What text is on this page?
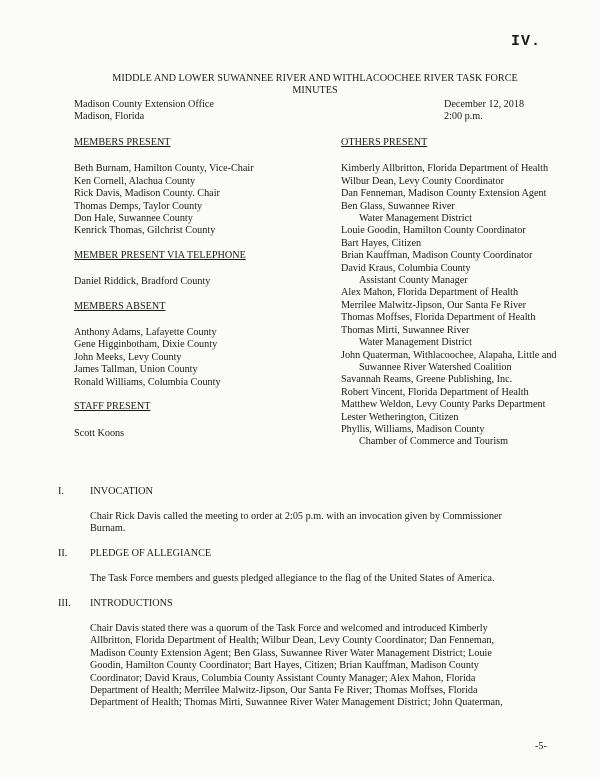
IV.
MIDDLE AND LOWER SUWANNEE RIVER AND WITHLACOOCHEE RIVER TASK FORCE
MINUTES
Madison County Extension Office
Madison, Florida
December 12, 2018
2:00 p.m.
MEMBERS PRESENT
Beth Burnam, Hamilton County, Vice-Chair
Ken Cornell, Alachua County
Rick Davis, Madison County. Chair
Thomas Demps, Taylor County
Don Hale, Suwannee County
Kenrick Thomas, Gilchrist County
MEMBER PRESENT VIA TELEPHONE
Daniel Riddick, Bradford County
MEMBERS ABSENT
Anthony Adams, Lafayette County
Gene Higginbotham, Dixie County
John Meeks, Levy County
James Tallman, Union County
Ronald Williams, Columbia County
STAFF PRESENT
Scott Koons
OTHERS PRESENT
Kimberly Allbritton, Florida Department of Health
Wilbur Dean, Levy County Coordinator
Dan Fenneman, Madison County Extension Agent
Ben Glass, Suwannee River
Water Management District
Louie Goodin, Hamilton County Coordinator
Bart Hayes, Citizen
Brian Kauffman, Madison County Coordinator
David Kraus, Columbia County
Assistant County Manager
Alex Mahon, Florida Department of Health
Merrilee Malwitz-Jipson, Our Santa Fe River
Thomas Moffses, Florida Department of Health
Thomas Mirti, Suwannee River
Water Management District
John Quaterman, Withlacoochee, Alapaha, Little and
Suwannee River Watershed Coalition
Savannah Reams, Greene Publishing, Inc.
Robert Vincent, Florida Department of Health
Matthew Weldon, Levy County Parks Department
Lester Wetherington, Citizen
Phyllis, Williams, Madison County
Chamber of Commerce and Tourism
I.	INVOCATION
Chair Rick Davis called the meeting to order at 2:05 p.m. with an invocation given by Commissioner
Burnam.
II. PLEDGE OF ALLEGIANCE
The Task Force members and guests pledged allegiance to the flag of the United States of America.
III. INTRODUCTIONS
Chair Davis stated there was a quorum of the Task Force and welcomed and introduced Kimberly
Allbritton, Florida Department of Health; Wilbur Dean, Levy County Coordinator; Dan Fenneman,
Madison County Extension Agent; Ben Glass, Suwannee River Water Management District; Louie
Goodin, Hamilton County Coordinator; Bart Hayes, Citizen; Brian Kauffman, Madison County
Coordinator; David Kraus, Columbia County Assistant County Manager; Alex Mahon, Florida
Department of Health; Merrilee Malwitz-Jipson, Our Santa Fe River; Thomas Moffses, Florida
Department of Health; Thomas Mirti, Suwannee River Water Management District; John Quaterman,
-5-
